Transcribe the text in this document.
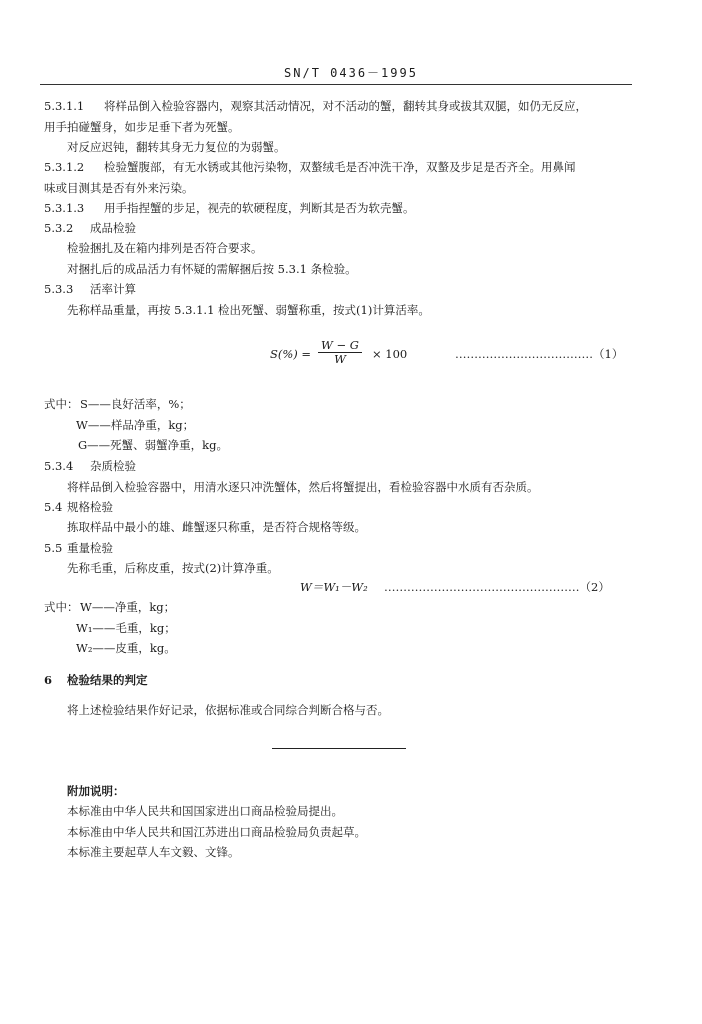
SN/T 0436－1995
5.3.1.1 将样品倒入检验容器内，观察其活动情况，对不活动的蟹，翻转其身或拔其双腿，如仍无反应，
用手拍碰蟹身，如步足垂下者为死蟹。
对反应迟钝，翻转其身无力复位的为弱蟹。
5.3.1.2 检验蟹腹部，有无水锈或其他污染物，双螯绒毛是否冲洗干净，双螯及步足是否齐全。用鼻闻
味或目测其是否有外来污染。
5.3.1.3 用手指捏蟹的步足，视壳的软硬程度，判断其是否为软壳蟹。
5.3.2 成品检验
检验捆扎及在箱内排列是否符合要求。
对捆扎后的成品活力有怀疑的需解捆后按 5.3.1 条检验。
5.3.3 活率计算
先称样品重量，再按 5.3.1.1 检出死蟹、弱蟹称重，按式(1)计算活率。
$S(\%) = \frac{W - G}{W} \times 100$	………………………………（1）
式中： S——良好活率，%；
W——样品净重，kg；
G——死蟹、弱蟹净重，kg。
5.3.4 杂质检验
将样品倒入检验容器中，用清水逐只冲洗蟹体，然后将蟹提出，看检验容器中水质有否杂质。
5.4 规格检验
拣取样品中最小的雄、雌蟹逐只称重，是否符合规格等级。
5.5 重量检验
先称毛重，后称皮重，按式(2)计算净重。
W＝W₁－W₂ ……………………………………………（2）
式中： W——净重，kg；
W₁——毛重，kg；
W₂——皮重，kg。
6 检验结果的判定
将上述检验结果作好记录，依据标准或合同综合判断合格与否。
附加说明：
本标准由中华人民共和国国家进出口商品检验局提出。
本标准由中华人民共和国江苏进出口商品检验局负责起草。
本标准主要起草人车文毅、文锋。
